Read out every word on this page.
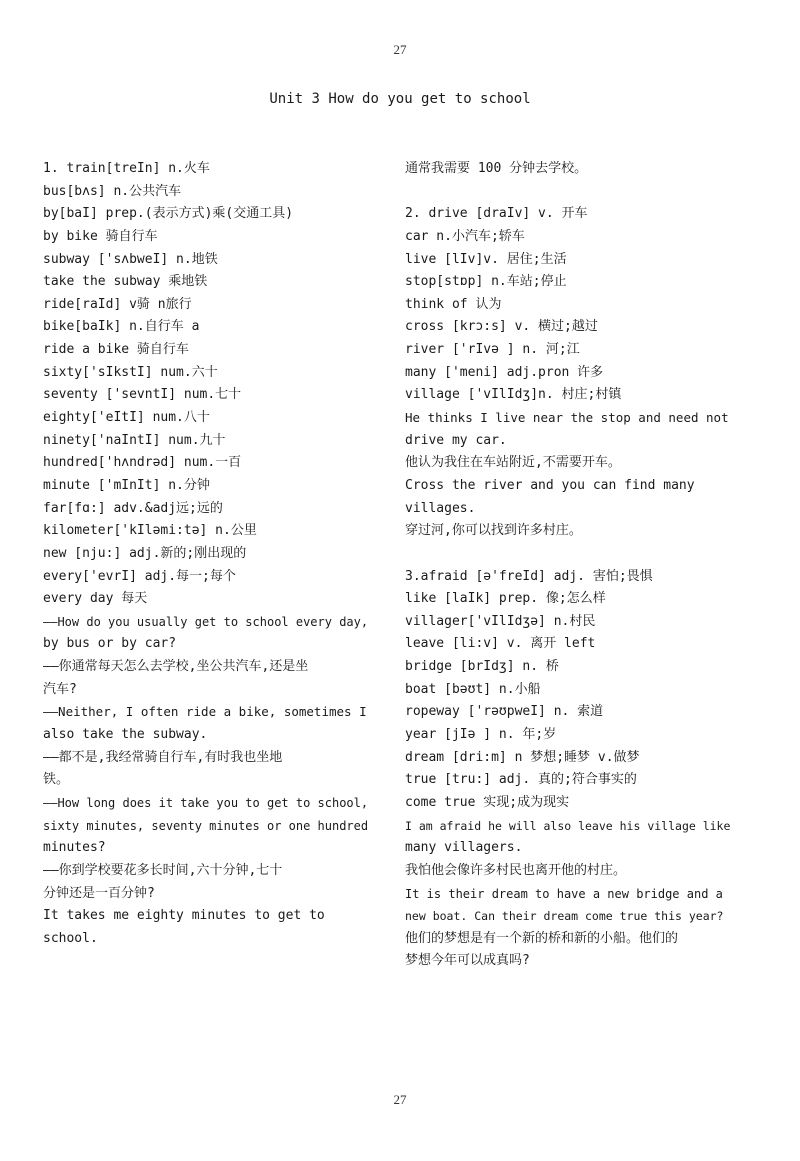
27
Unit 3 How do you get to school
1. train[treIn] n.火车
bus[bʌs] n.公共汽车
by[baI] prep.(表示方式)乘(交通工具)
by bike 骑自行车
subway ['sʌbweI] n.地铁
take the subway 乘地铁
ride[raId] v骑 n旅行
bike[baIk] n.自行车 a
ride a bike 骑自行车
sixty['sIkstI] num.六十
seventy ['sevntI] num.七十
eighty['eItI] num.八十
ninety['naIntI] num.九十
hundred['hʌndrəd] num.一百
minute ['mInIt] n.分钟
far[fɑ:] adv.&adj远;远的
kilometer['kIləmi:tə] n.公里
new [nju:] adj.新的;刚出现的
every['evrI] adj.每一;每个
every day 每天
——How do you usually get to school every day,
by bus or by car?
——你通常每天怎么去学校,坐公共汽车,还是坐
汽车?
——Neither, I often ride a bike, sometimes I
also take the subway.
——都不是,我经常骑自行车,有时我也坐地
铁。
——How long does it take you to get to school,
sixty minutes, seventy minutes or one hundred
minutes?
——你到学校要花多长时间,六十分钟,七十
分钟还是一百分钟?
It takes me eighty minutes to get to
school.
通常我需要 100 分钟去学校。
2. drive [draIv] v. 开车
car n.小汽车;轿车
live [lIv]v. 居住;生活
stop[stɒp] n.车站;停止
think of 认为
cross [krɔ:s] v. 横过;越过
river ['rIvə ] n. 河;江
many ['meni] adj.pron 许多
village ['vIlIdʒ]n. 村庄;村镇
He thinks I live near the stop and need not
drive my car.
他认为我住在车站附近,不需要开车。
Cross the river and you can find many
villages.
穿过河,你可以找到许多村庄。
3.afraid [ə'freId] adj. 害怕;畏惧
like [laIk] prep. 像;怎么样
villager['vIlIdʒə] n.村民
leave [li:v] v. 离开 left
bridge [brIdʒ] n. 桥
boat [bəʊt] n.小船
ropeway ['rəʊpweI] n. 索道
year [jIə ] n. 年;岁
dream [dri:m] n 梦想;睡梦 v.做梦
true [tru:] adj. 真的;符合事实的
come true 实现;成为现实
I am afraid he will also leave his village like
many villagers.
我怕他会像许多村民也离开他的村庄。
It is their dream to have a new bridge and a
new boat. Can their dream come true this year?
他们的梦想是有一个新的桥和新的小船。他们的
梦想今年可以成真吗?
27
